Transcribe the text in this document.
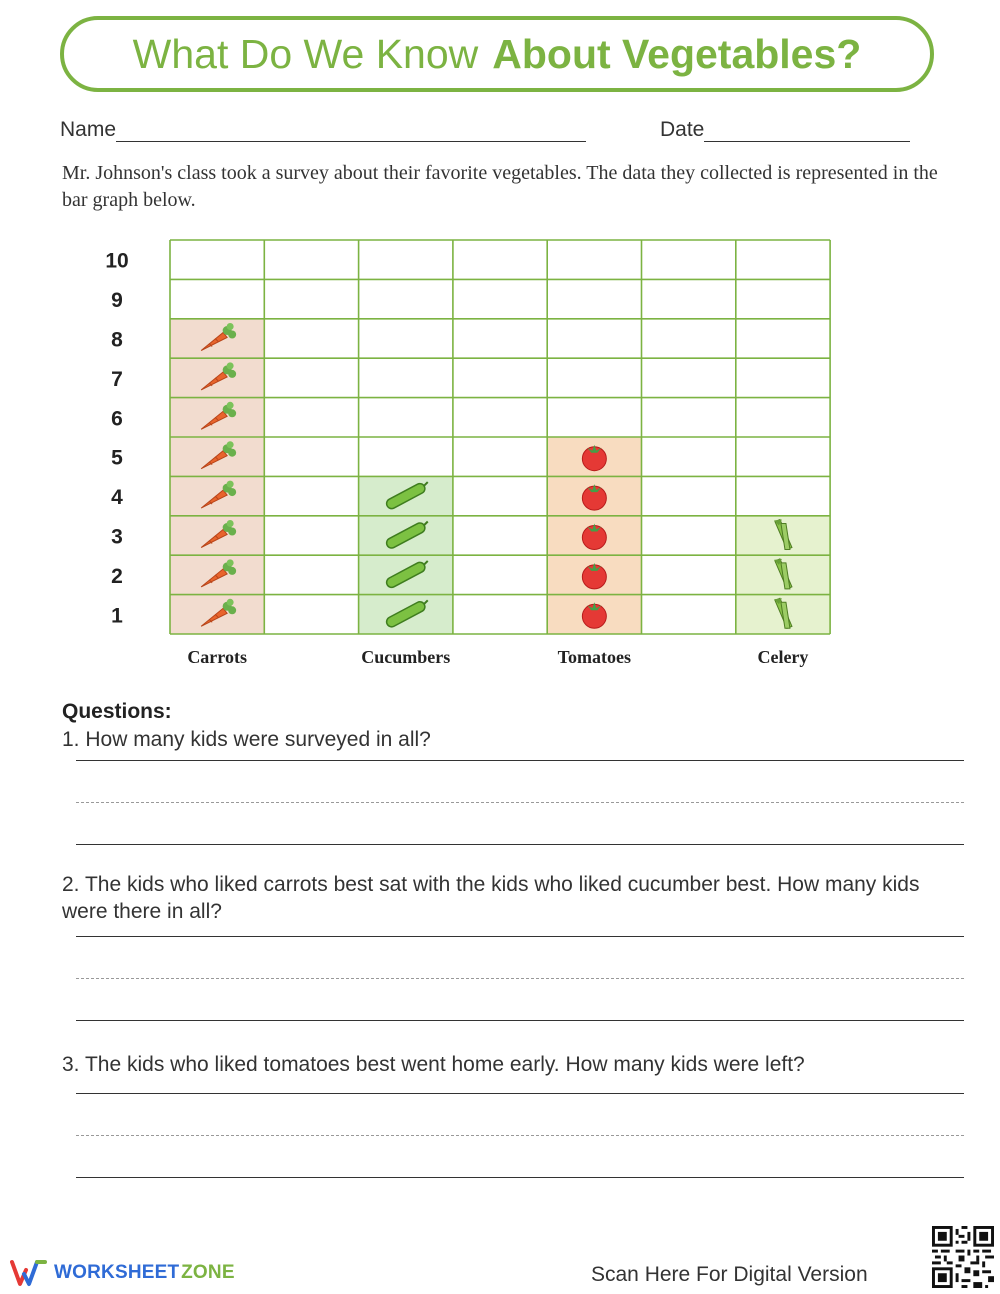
What Do We Know About Vegetables?
Name	Date
Mr. Johnson's class took a survey about their favorite vegetables. The data they collected is represented in the bar graph below.
1
2
3
4
5
6
7
8
9
10
Carrots	Cucumbers	Tomatoes	Celery
Questions:
1. How many kids were surveyed in all?
2. The kids who liked carrots best sat with the kids who liked cucumber best. How many kids were there in all?
3. The kids who liked tomatoes best went home early. How many kids were left?
WORKSHEET ZONE	Scan Here For Digital Version
